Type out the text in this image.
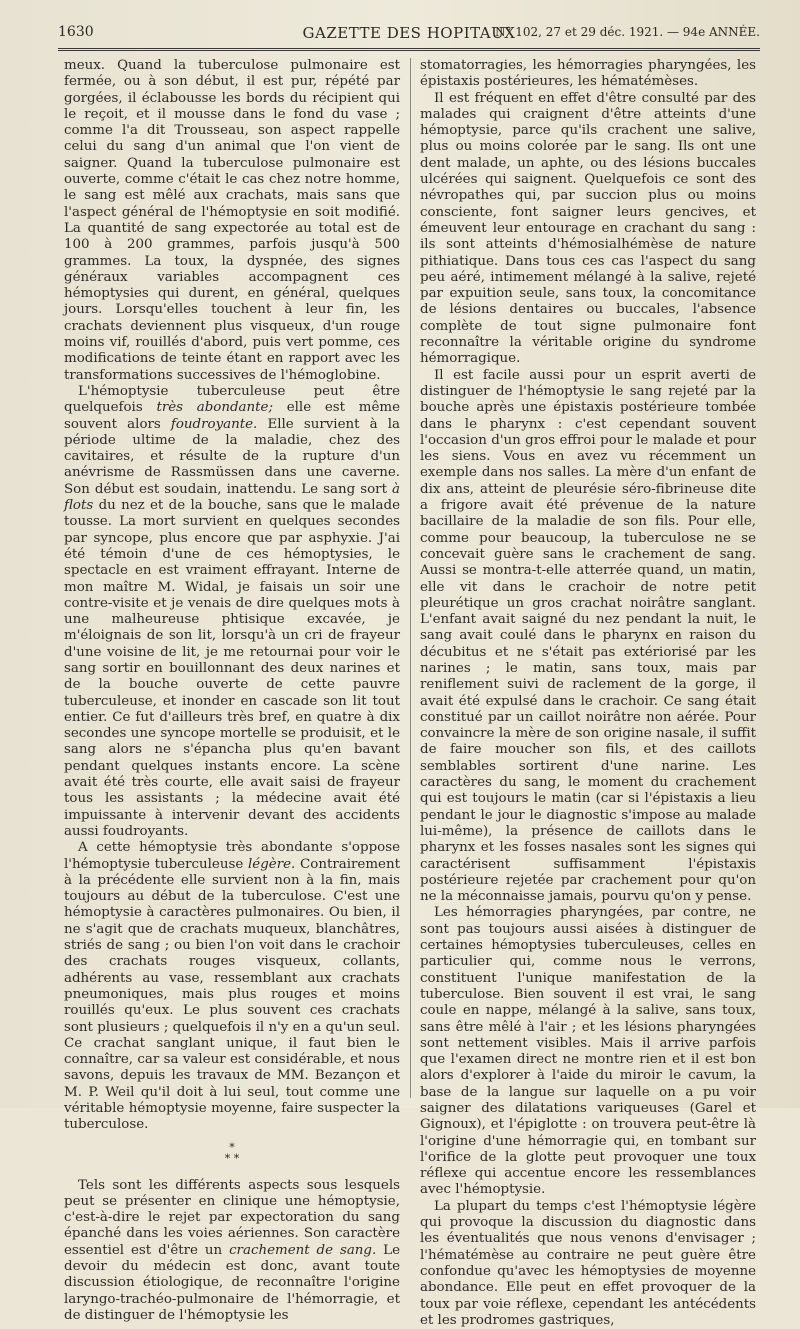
1630	GAZETTE DES HOPITAUX
N° 102, 27 et 29 déc. 1921. — 94e ANNÉE.

meux. Quand la tuberculose pulmonaire est fermée, ou à son début, il est pur, répété par gorgées, il éclabousse les bords du récipient qui le reçoit, et il mousse dans le fond du vase ; comme l'a dit Trousseau, son aspect rappelle celui du sang d'un animal que l'on vient de saigner. Quand la tuberculose pulmonaire est ouverte, comme c'était le cas chez notre homme, le sang est mêlé aux crachats, mais sans que l'aspect général de l'hémoptysie en soit modifié. La quantité de sang expectorée au total est de 100 à 200 grammes, parfois jusqu'à 500 grammes. La toux, la dyspnée, des signes généraux variables accompagnent ces hémoptysies qui durent, en général, quelques jours. Lorsqu'elles touchent à leur fin, les crachats deviennent plus visqueux, d'un rouge moins vif, rouillés d'abord, puis vert pomme, ces modifications de teinte étant en rapport avec les transformations successives de l'hémoglobine.

L'hémoptysie tuberculeuse peut être quelquefois très abondante; elle est même souvent alors foudroyante. Elle survient à la période ultime de la maladie, chez des cavitaires, et résulte de la rupture d'un anévrisme de Rassmüssen dans une caverne. Son début est soudain, inattendu. Le sang sort à flots du nez et de la bouche, sans que le malade tousse. La mort survient en quelques secondes par syncope, plus encore que par asphyxie. J'ai été témoin d'une de ces hémoptysies, le spectacle en est vraiment effrayant. Interne de mon maître M. Widal, je faisais un soir une contre-visite et je venais de dire quelques mots à une malheureuse phtisique excavée, je m'éloignais de son lit, lorsqu'à un cri de frayeur d'une voisine de lit, je me retournai pour voir le sang sortir en bouillonnant des deux narines et de la bouche ouverte de cette pauvre tuberculeuse, et inonder en cascade son lit tout entier. Ce fut d'ailleurs très bref, en quatre à dix secondes une syncope mortelle se produisit, et le sang alors ne s'épancha plus qu'en bavant pendant quelques instants encore. La scène avait été très courte, elle avait saisi de frayeur tous les assistants ; la médecine avait été impuissante à intervenir devant des accidents aussi foudroyants.

A cette hémoptysie très abondante s'oppose l'hémoptysie tuberculeuse légère. Contrairement à la précédente elle survient non à la fin, mais toujours au début de la tuberculose. C'est une hémoptysie à caractères pulmonaires. Ou bien, il ne s'agit que de crachats muqueux, blanchâtres, striés de sang ; ou bien l'on voit dans le crachoir des crachats rouges visqueux, collants, adhérents au vase, ressemblant aux crachats pneumoniques, mais plus rouges et moins rouillés qu'eux. Le plus souvent ces crachats sont plusieurs ; quelquefois il n'y en a qu'un seul. Ce crachat sanglant unique, il faut bien le connaître, car sa valeur est considérable, et nous savons, depuis les travaux de MM. Bezançon et M. P. Weil qu'il doit à lui seul, tout comme une véritable hémoptysie moyenne, faire suspecter la tuberculose.

*
* *

Tels sont les différents aspects sous lesquels peut se présenter en clinique une hémoptysie, c'est-à-dire le rejet par expectoration du sang épanché dans les voies aériennes. Son caractère essentiel est d'être un crachement de sang. Le devoir du médecin est donc, avant toute discussion étiologique, de reconnaître l'origine laryngo-trachéo-pulmonaire de l'hémorragie, et de distinguer de l'hémoptysie les

stomatorragies, les hémorragies pharyngées, les épistaxis postérieures, les hématémèses.

Il est fréquent en effet d'être consulté par des malades qui craignent d'être atteints d'une hémoptysie, parce qu'ils crachent une salive, plus ou moins colorée par le sang. Ils ont une dent malade, un aphte, ou des lésions buccales ulcérées qui saignent. Quelquefois ce sont des névropathes qui, par succion plus ou moins consciente, font saigner leurs gencives, et émeuvent leur entourage en crachant du sang : ils sont atteints d'hémosialhémèse de nature pithiatique. Dans tous ces cas l'aspect du sang peu aéré, intimement mélangé à la salive, rejeté par expuition seule, sans toux, la concomitance de lésions dentaires ou buccales, l'absence complète de tout signe pulmonaire font reconnaître la véritable origine du syndrome hémorragique.

Il est facile aussi pour un esprit averti de distinguer de l'hémoptysie le sang rejeté par la bouche après une épistaxis postérieure tombée dans le pharynx : c'est cependant souvent l'occasion d'un gros effroi pour le malade et pour les siens. Vous en avez vu récemment un exemple dans nos salles. La mère d'un enfant de dix ans, atteint de pleurésie séro-fibrineuse dite a frigore avait été prévenue de la nature bacillaire de la maladie de son fils. Pour elle, comme pour beaucoup, la tuberculose ne se concevait guère sans le crachement de sang. Aussi se montra-t-elle atterrée quand, un matin, elle vit dans le crachoir de notre petit pleurétique un gros crachat noirâtre sanglant. L'enfant avait saigné du nez pendant la nuit, le sang avait coulé dans le pharynx en raison du décubitus et ne s'était pas extériorisé par les narines ; le matin, sans toux, mais par reniflement suivi de raclement de la gorge, il avait été expulsé dans le crachoir. Ce sang était constitué par un caillot noirâtre non aérée. Pour convaincre la mère de son origine nasale, il suffit de faire moucher son fils, et des caillots semblables sortirent d'une narine. Les caractères du sang, le moment du crachement qui est toujours le matin (car si l'épistaxis a lieu pendant le jour le diagnostic s'impose au malade lui-même), la présence de caillots dans le pharynx et les fosses nasales sont les signes qui caractérisent suffisamment l'épistaxis postérieure rejetée par crachement pour qu'on ne la méconnaisse jamais, pourvu qu'on y pense.

Les hémorragies pharyngées, par contre, ne sont pas toujours aussi aisées à distinguer de certaines hémoptysies tuberculeuses, celles en particulier qui, comme nous le verrons, constituent l'unique manifestation de la tuberculose. Bien souvent il est vrai, le sang coule en nappe, mélangé à la salive, sans toux, sans être mêlé à l'air ; et les lésions pharyngées sont nettement visibles. Mais il arrive parfois que l'examen direct ne montre rien et il est bon alors d'explorer à l'aide du miroir le cavum, la base de la langue sur laquelle on a pu voir saigner des dilatations variqueuses (Garel et Gignoux), et l'épiglotte : on trouvera peut-être là l'origine d'une hémorragie qui, en tombant sur l'orifice de la glotte peut provoquer une toux réflexe qui accentue encore les ressemblances avec l'hémoptysie.

La plupart du temps c'est l'hémoptysie légère qui provoque la discussion du diagnostic dans les éventualités que nous venons d'envisager ; l'hématémèse au contraire ne peut guère être confondue qu'avec les hémoptysies de moyenne abondance. Elle peut en effet provoquer de la toux par voie réflexe, cependant les antécédents et les prodromes gastriques,
